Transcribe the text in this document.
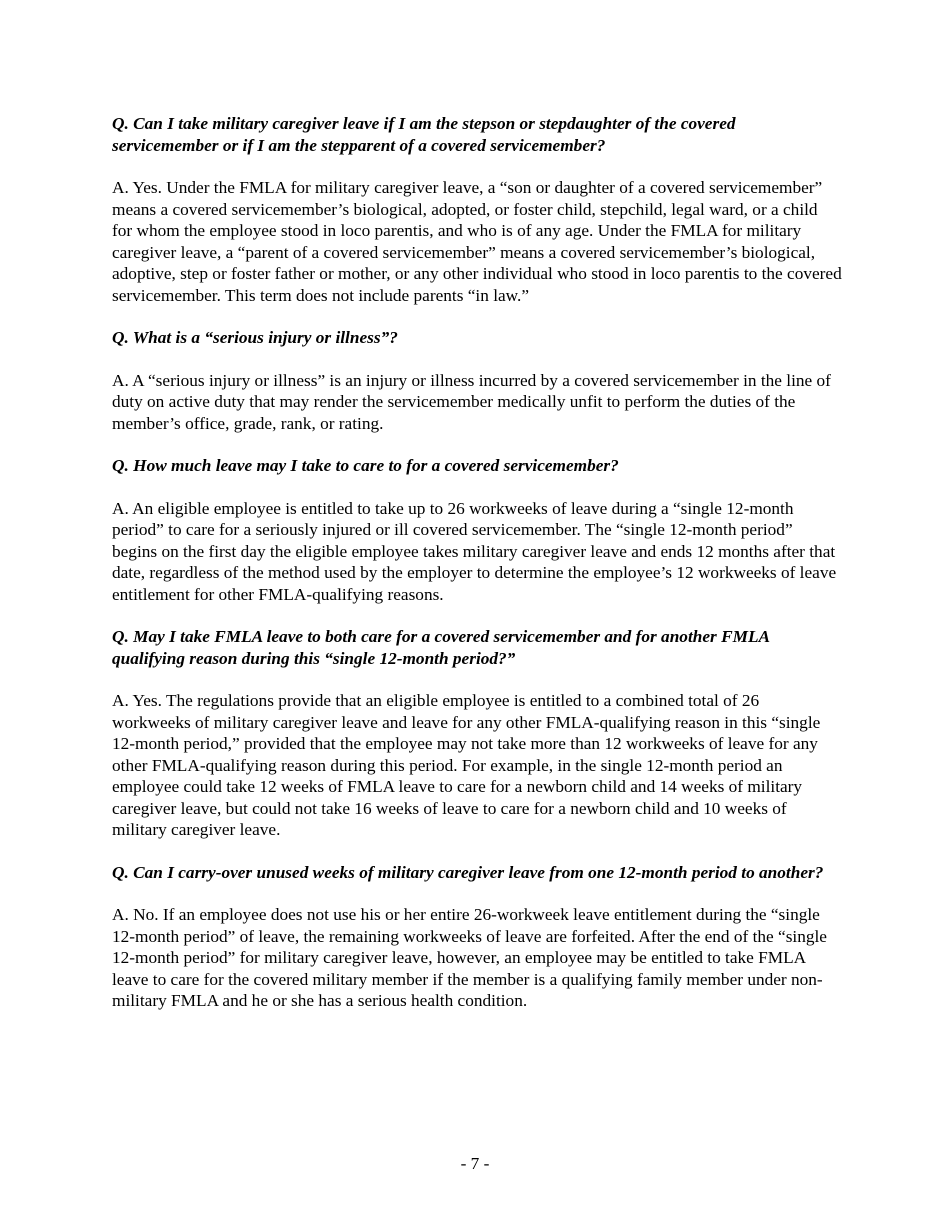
Q. Can I take military caregiver leave if I am the stepson or stepdaughter of the covered servicemember or if I am the stepparent of a covered servicemember?

A. Yes. Under the FMLA for military caregiver leave, a “son or daughter of a covered servicemember” means a covered servicemember’s biological, adopted, or foster child, stepchild, legal ward, or a child for whom the employee stood in loco parentis, and who is of any age. Under the FMLA for military caregiver leave, a “parent of a covered servicemember” means a covered servicemember’s biological, adoptive, step or foster father or mother, or any other individual who stood in loco parentis to the covered servicemember. This term does not include parents “in law.”

Q. What is a “serious injury or illness”?

A. A “serious injury or illness” is an injury or illness incurred by a covered servicemember in the line of duty on active duty that may render the servicemember medically unfit to perform the duties of the member’s office, grade, rank, or rating.

Q. How much leave may I take to care to for a covered servicemember?

A. An eligible employee is entitled to take up to 26 workweeks of leave during a “single 12-month period” to care for a seriously injured or ill covered servicemember. The “single 12-month period” begins on the first day the eligible employee takes military caregiver leave and ends 12 months after that date, regardless of the method used by the employer to determine the employee’s 12 workweeks of leave entitlement for other FMLA-qualifying reasons.

Q. May I take FMLA leave to both care for a covered servicemember and for another FMLA qualifying reason during this “single 12-month period?”

A. Yes. The regulations provide that an eligible employee is entitled to a combined total of 26 workweeks of military caregiver leave and leave for any other FMLA-qualifying reason in this “single 12-month period,” provided that the employee may not take more than 12 workweeks of leave for any other FMLA-qualifying reason during this period. For example, in the single 12-month period an employee could take 12 weeks of FMLA leave to care for a newborn child and 14 weeks of military caregiver leave, but could not take 16 weeks of leave to care for a newborn child and 10 weeks of military caregiver leave.

Q. Can I carry-over unused weeks of military caregiver leave from one 12-month period to another?

A. No. If an employee does not use his or her entire 26-workweek leave entitlement during the “single 12-month period” of leave, the remaining workweeks of leave are forfeited. After the end of the “single 12-month period” for military caregiver leave, however, an employee may be entitled to take FMLA leave to care for the covered military member if the member is a qualifying family member under non-military FMLA and he or she has a serious health condition.

- 7 -
